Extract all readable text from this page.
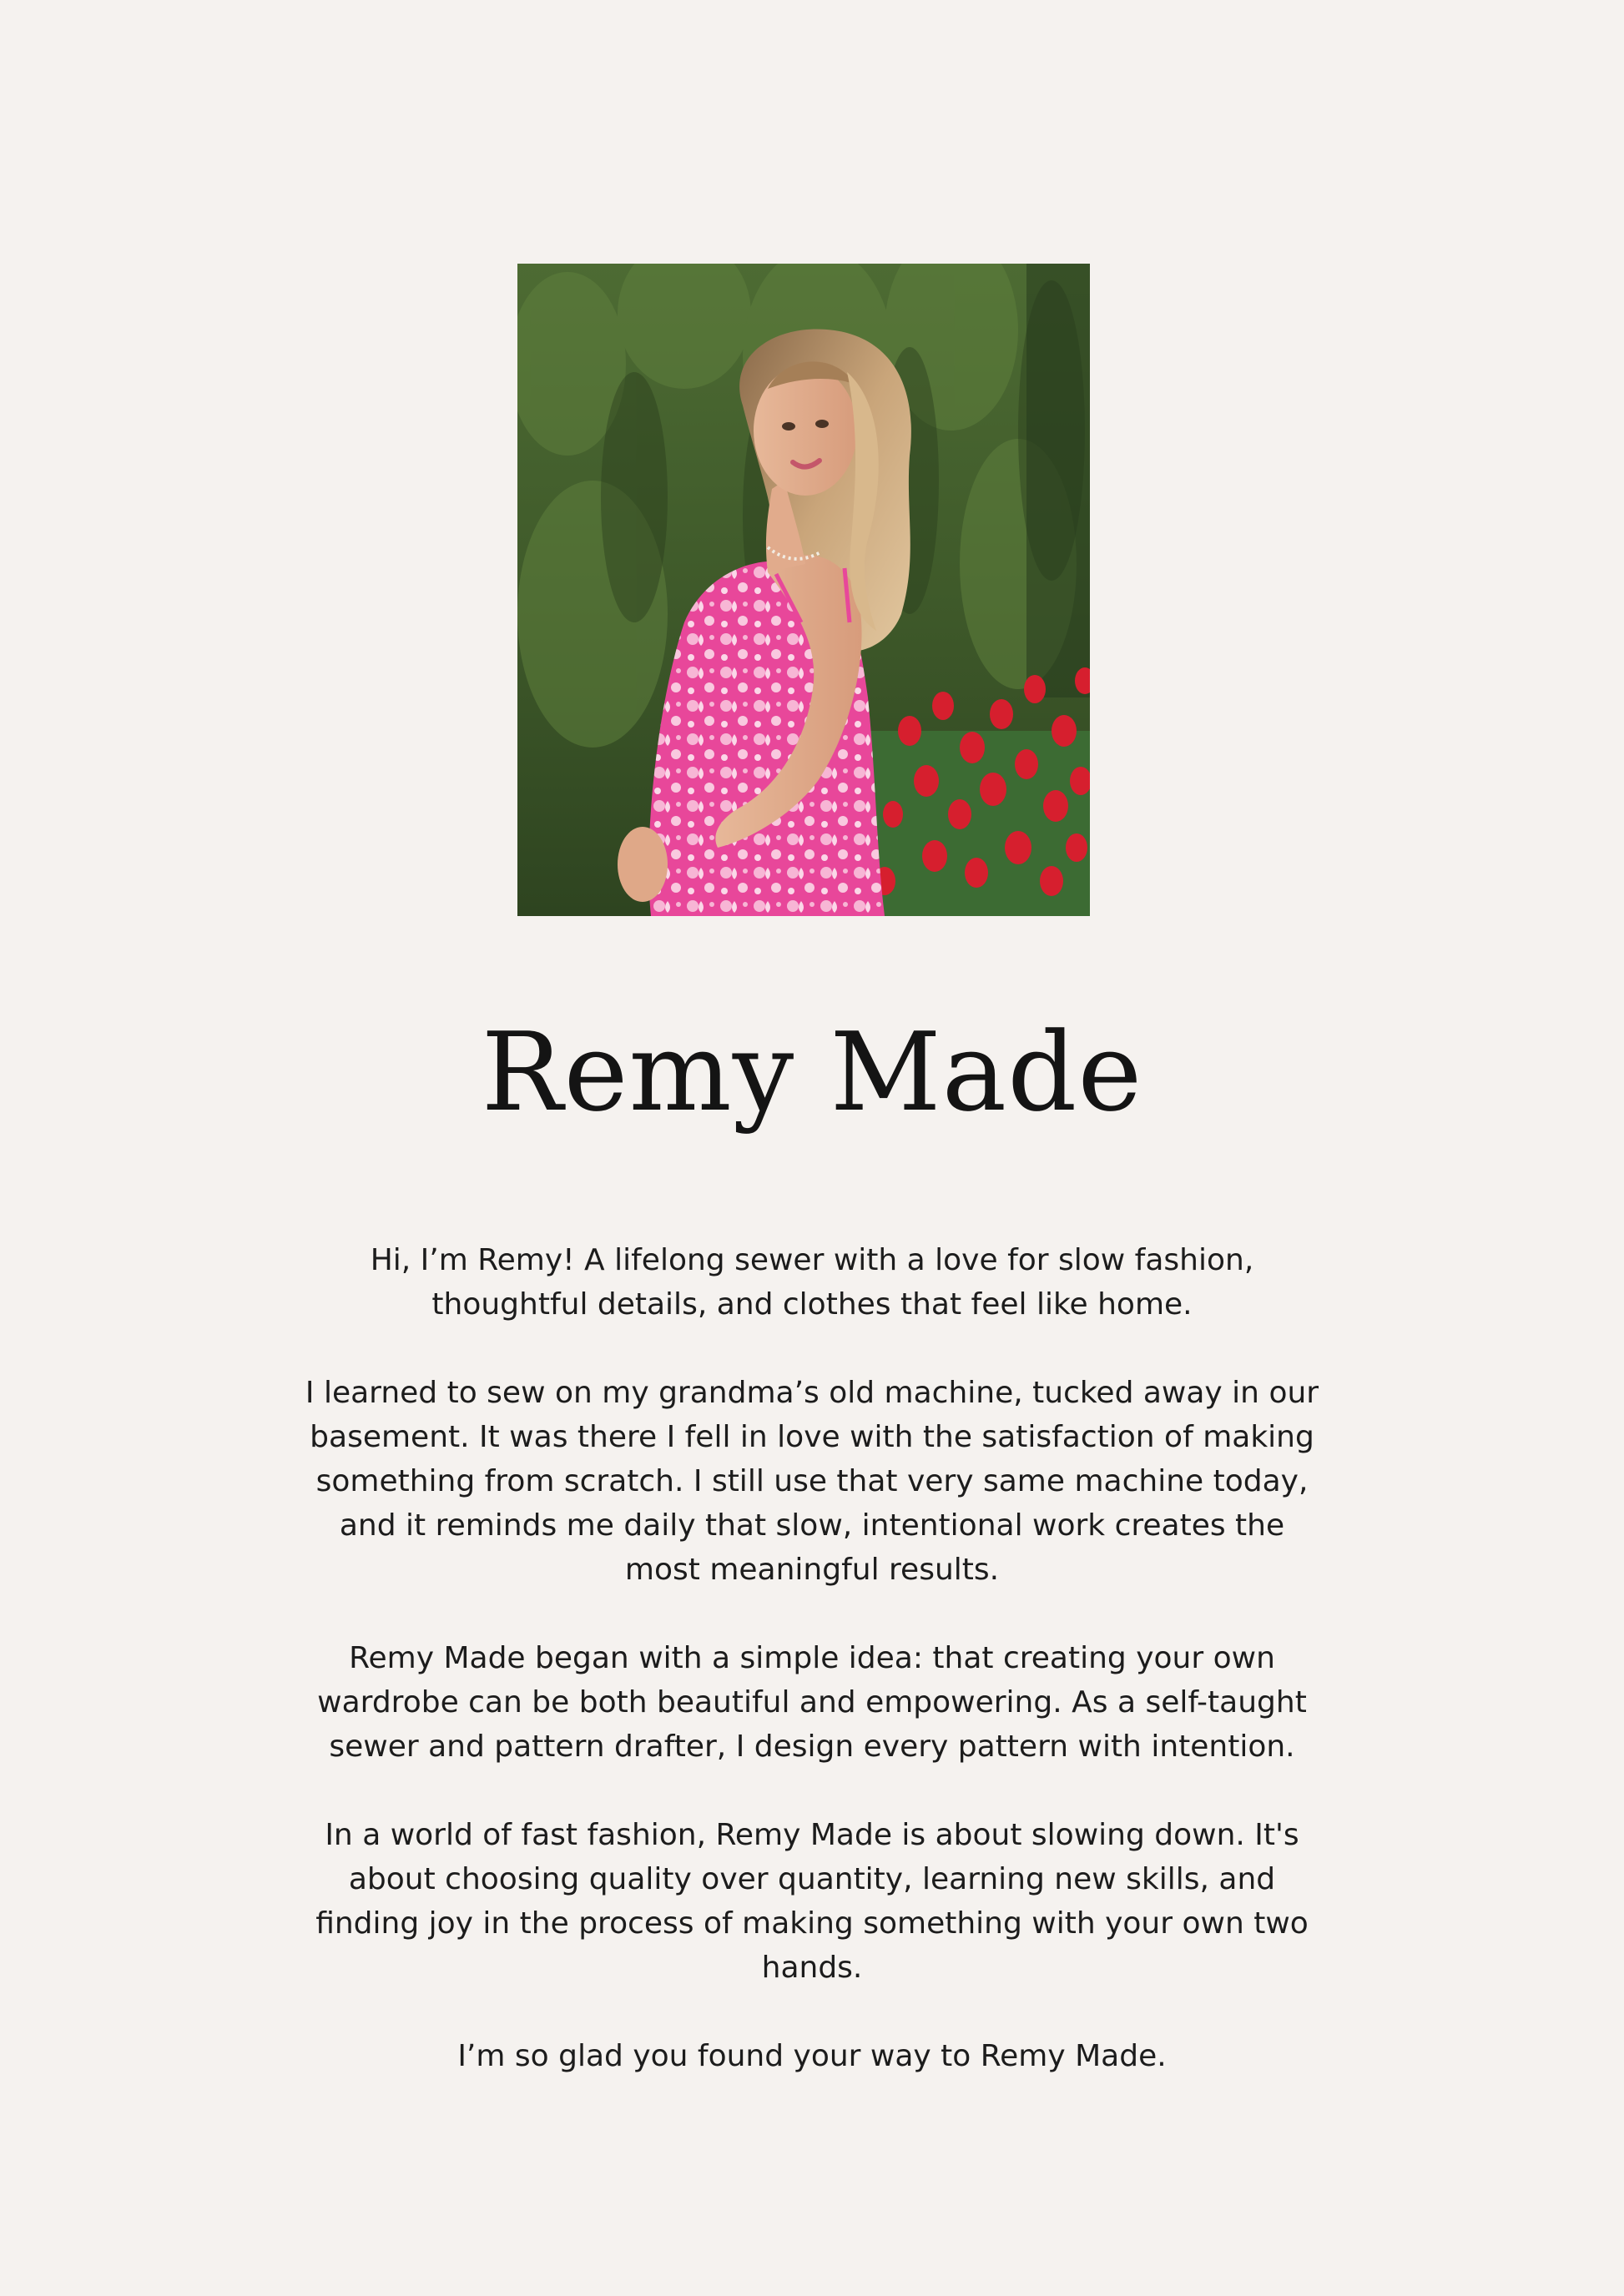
Remy Made

Hi, I’m Remy! A lifelong sewer with a love for slow fashion, thoughtful details, and clothes that feel like home.

I learned to sew on my grandma’s old machine, tucked away in our basement. It was there I fell in love with the satisfaction of making something from scratch. I still use that very same machine today, and it reminds me daily that slow, intentional work creates the most meaningful results.

Remy Made began with a simple idea: that creating your own wardrobe can be both beautiful and empowering. As a self-taught sewer and pattern drafter, I design every pattern with intention.

In a world of fast fashion, Remy Made is about slowing down. It's about choosing quality over quantity, learning new skills, and finding joy in the process of making something with your own two hands.

I’m so glad you found your way to Remy Made.
